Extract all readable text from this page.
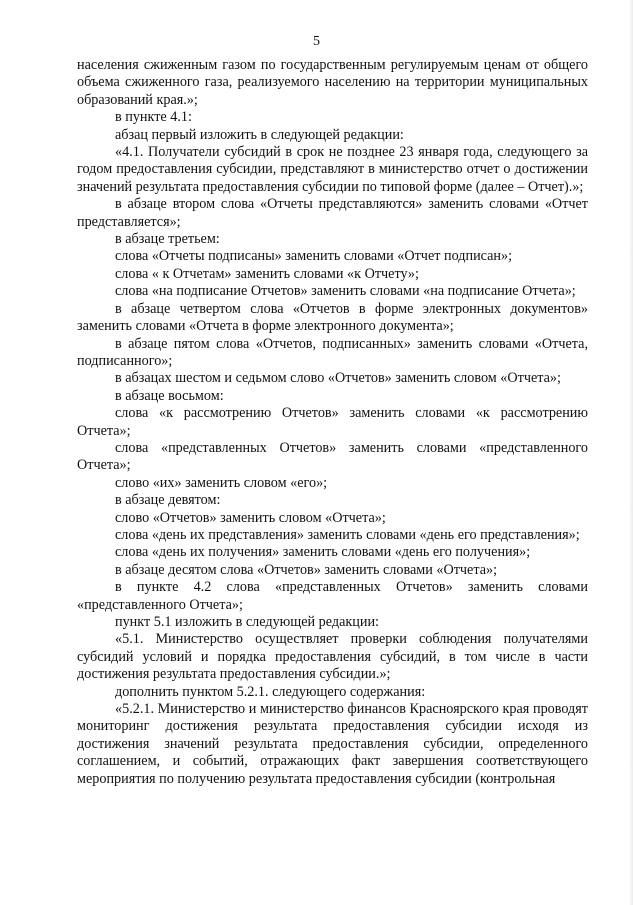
5

населения сжиженным газом по государственным регулируемым ценам от общего объема сжиженного газа, реализуемого населению на территории муниципальных образований края.»;

в пункте 4.1:

абзац первый изложить в следующей редакции:

«4.1. Получатели субсидий в срок не позднее 23 января года, следующего за годом предоставления субсидии, представляют в министерство отчет о достижении значений результата предоставления субсидии по типовой форме (далее – Отчет).»;

в абзаце втором слова «Отчеты представляются» заменить словами «Отчет представляется»;

в абзаце третьем:

слова «Отчеты подписаны» заменить словами «Отчет подписан»;

слова « к Отчетам» заменить словами «к Отчету»;

слова «на подписание Отчетов» заменить словами «на подписание Отчета»;

в абзаце четвертом слова «Отчетов в форме электронных документов» заменить словами «Отчета в форме электронного документа»;

в абзаце пятом слова «Отчетов, подписанных» заменить словами «Отчета, подписанного»;

в абзацах шестом и седьмом слово «Отчетов» заменить словом «Отчета»;

в абзаце восьмом:

слова «к рассмотрению Отчетов» заменить словами «к рассмотрению Отчета»;

слова «представленных Отчетов» заменить словами «представленного Отчета»;

слово «их» заменить словом «его»;

в абзаце девятом:

слово «Отчетов» заменить словом «Отчета»;

слова «день их представления» заменить словами «день его представления»;

слова «день их получения» заменить словами «день его получения»;

в абзаце десятом слова «Отчетов» заменить словами «Отчета»;

в пункте 4.2 слова «представленных Отчетов» заменить словами «представленного Отчета»;

пункт 5.1 изложить в следующей редакции:

«5.1. Министерство осуществляет проверки соблюдения получателями субсидий условий и порядка предоставления субсидий, в том числе в части достижения результата предоставления субсидии.»;

дополнить пунктом 5.2.1. следующего содержания:

«5.2.1. Министерство и министерство финансов Красноярского края проводят мониторинг достижения результата предоставления субсидии исходя из достижения значений результата предоставления субсидии, определенного соглашением, и событий, отражающих факт завершения соответствующего мероприятия по получению результата предоставления субсидии (контрольная
